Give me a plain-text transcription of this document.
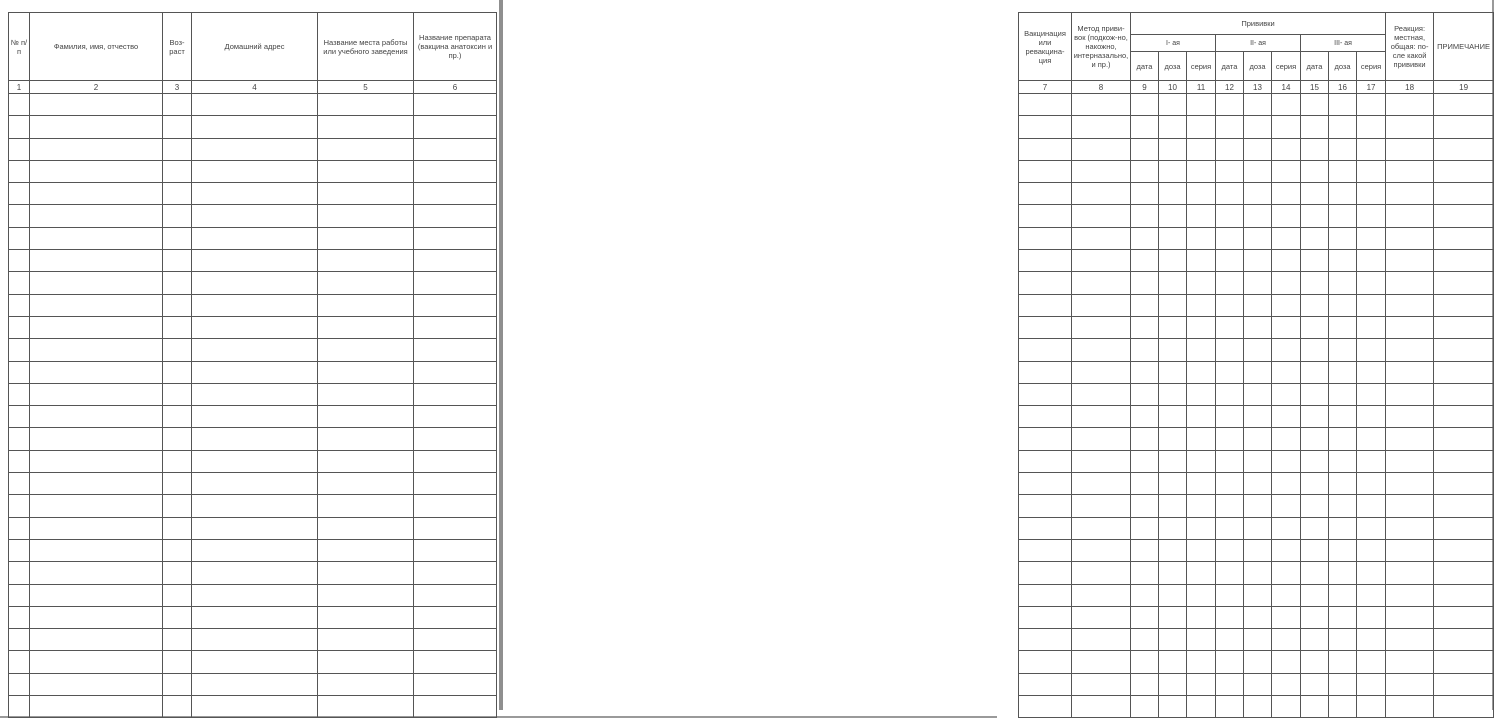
№ п/п	Фамилия, имя, отчество	Воз- раст	Домашний адрес	Название места работы или учебного заведения	Название препарата (вакцина анатоксин и пр.)
1	2	3	4	5	6

Вакцинация или ревакцина- ция	Метод приви- вок (подкож-но, накожно, интерназально, и пр.)	Прививки									Реакция: местная, общая: по- сле какой прививки	ПРИМЕЧАНИЕ
		I- ая			II- ая			III- ая				
		дата	доза	серия	дата	доза	серия	дата	доза	серия		
7	8	9	10	11	12	13	14	15	16	17	18	19
